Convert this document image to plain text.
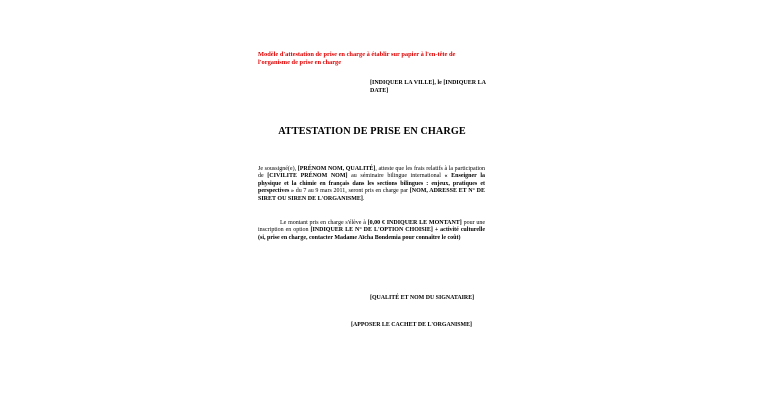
Modèle d'attestation de prise en charge à établir sur papier à l'en-tête de l'organisme de prise en charge
[INDIQUER LA VILLE], le [INDIQUER LA DATE]
ATTESTATION DE PRISE EN CHARGE
Je soussigné(e), [PRÉNOM NOM, QUALITÉ], atteste que les frais relatifs à la participation de [CIVILITE PRÉNOM NOM] au séminaire bilingue international « Enseigner la physique et la chimie en français dans les sections bilingues : enjeux, pratiques et perspectives » du 7 au 9 mars 2011, seront pris en charge par [NOM, ADRESSE ET N° DE SIRET OU SIREN DE L'ORGANISME].
Le montant pris en charge s'élève à [0,00 € INDIQUER LE MONTANT] pour une inscription en option [INDIQUER LE N° DE L'OPTION CHOISIE] + activité culturelle (si, prise en charge, contacter Madame Aïcha Bondemia pour connaître le coût)
[QUALITÉ ET NOM DU SIGNATAIRE]
[APPOSER LE CACHET DE L'ORGANISME]
